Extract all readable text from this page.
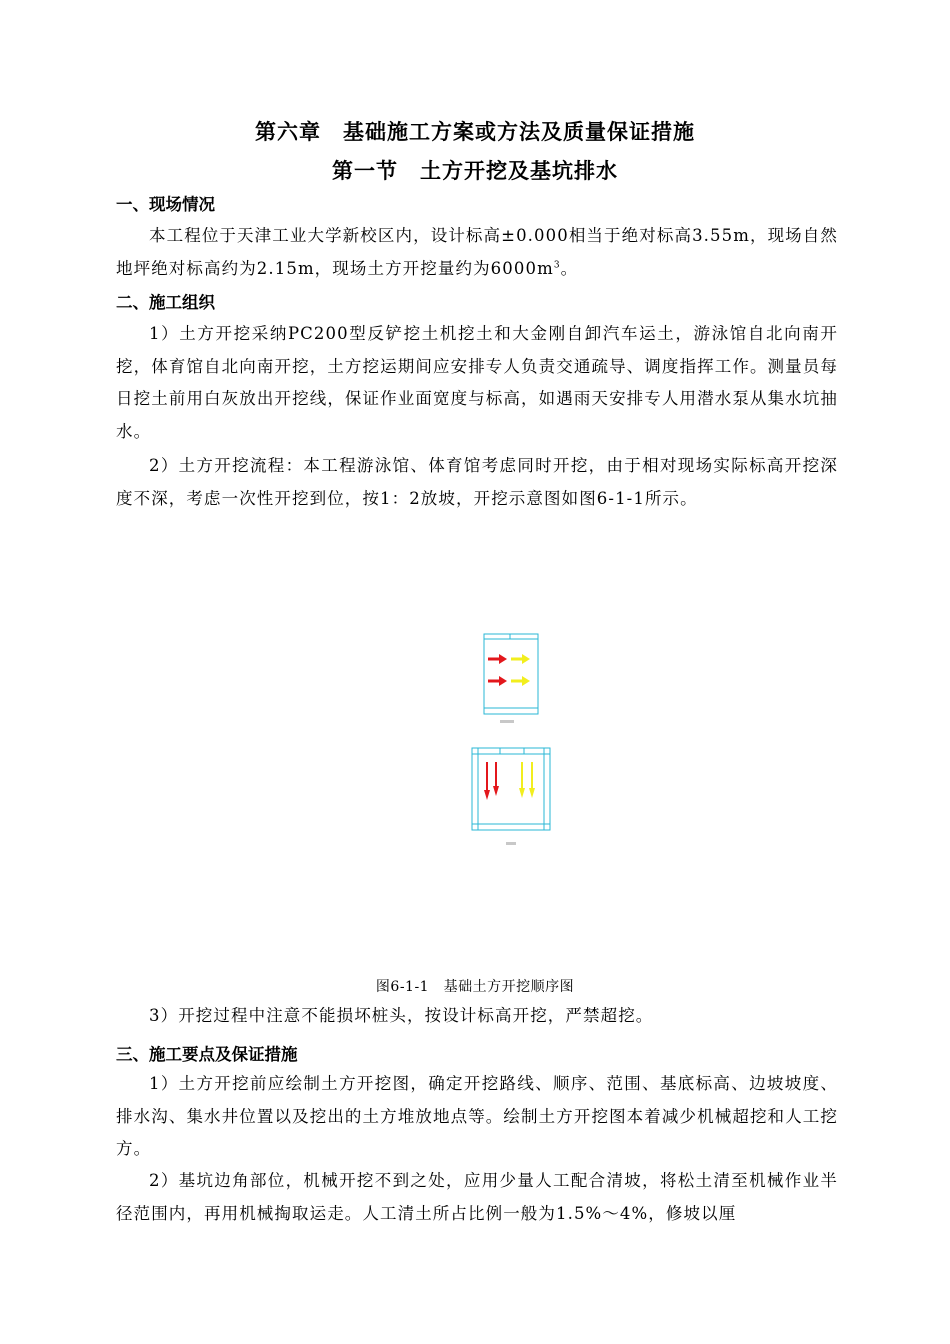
第六章　基础施工方案或方法及质量保证措施
第一节　土方开挖及基坑排水
一、现场情况

本工程位于天津工业大学新校区内，设计标高±0.000相当于绝对标高3.55m，现场自然地坪绝对标高约为2.15m，现场土方开挖量约为$6000m^3$。

二、施工组织

1）土方开挖采纳PC200型反铲挖土机挖土和大金刚自卸汽车运土，游泳馆自北向南开挖，体育馆自北向南开挖，土方挖运期间应安排专人负责交通疏导、调度指挥工作。测量员每日挖土前用白灰放出开挖线，保证作业面宽度与标高，如遇雨天安排专人用潜水泵从集水坑抽水。

2）土方开挖流程：本工程游泳馆、体育馆考虑同时开挖，由于相对现场实际标高开挖深度不深，考虑一次性开挖到位，按1：2放坡，开挖示意图如图6-1-1所示。

图6-1-1　基础土方开挖顺序图

3）开挖过程中注意不能损坏桩头，按设计标高开挖，严禁超挖。

三、施工要点及保证措施

1）土方开挖前应绘制土方开挖图，确定开挖路线、顺序、范围、基底标高、边坡坡度、排水沟、集水井位置以及挖出的土方堆放地点等。绘制土方开挖图本着减少机械超挖和人工挖方。

2）基坑边角部位，机械开挖不到之处，应用少量人工配合清坡，将松土清至机械作业半径范围内，再用机械掏取运走。人工清土所占比例一般为1.5%～4%，修坡以厘
